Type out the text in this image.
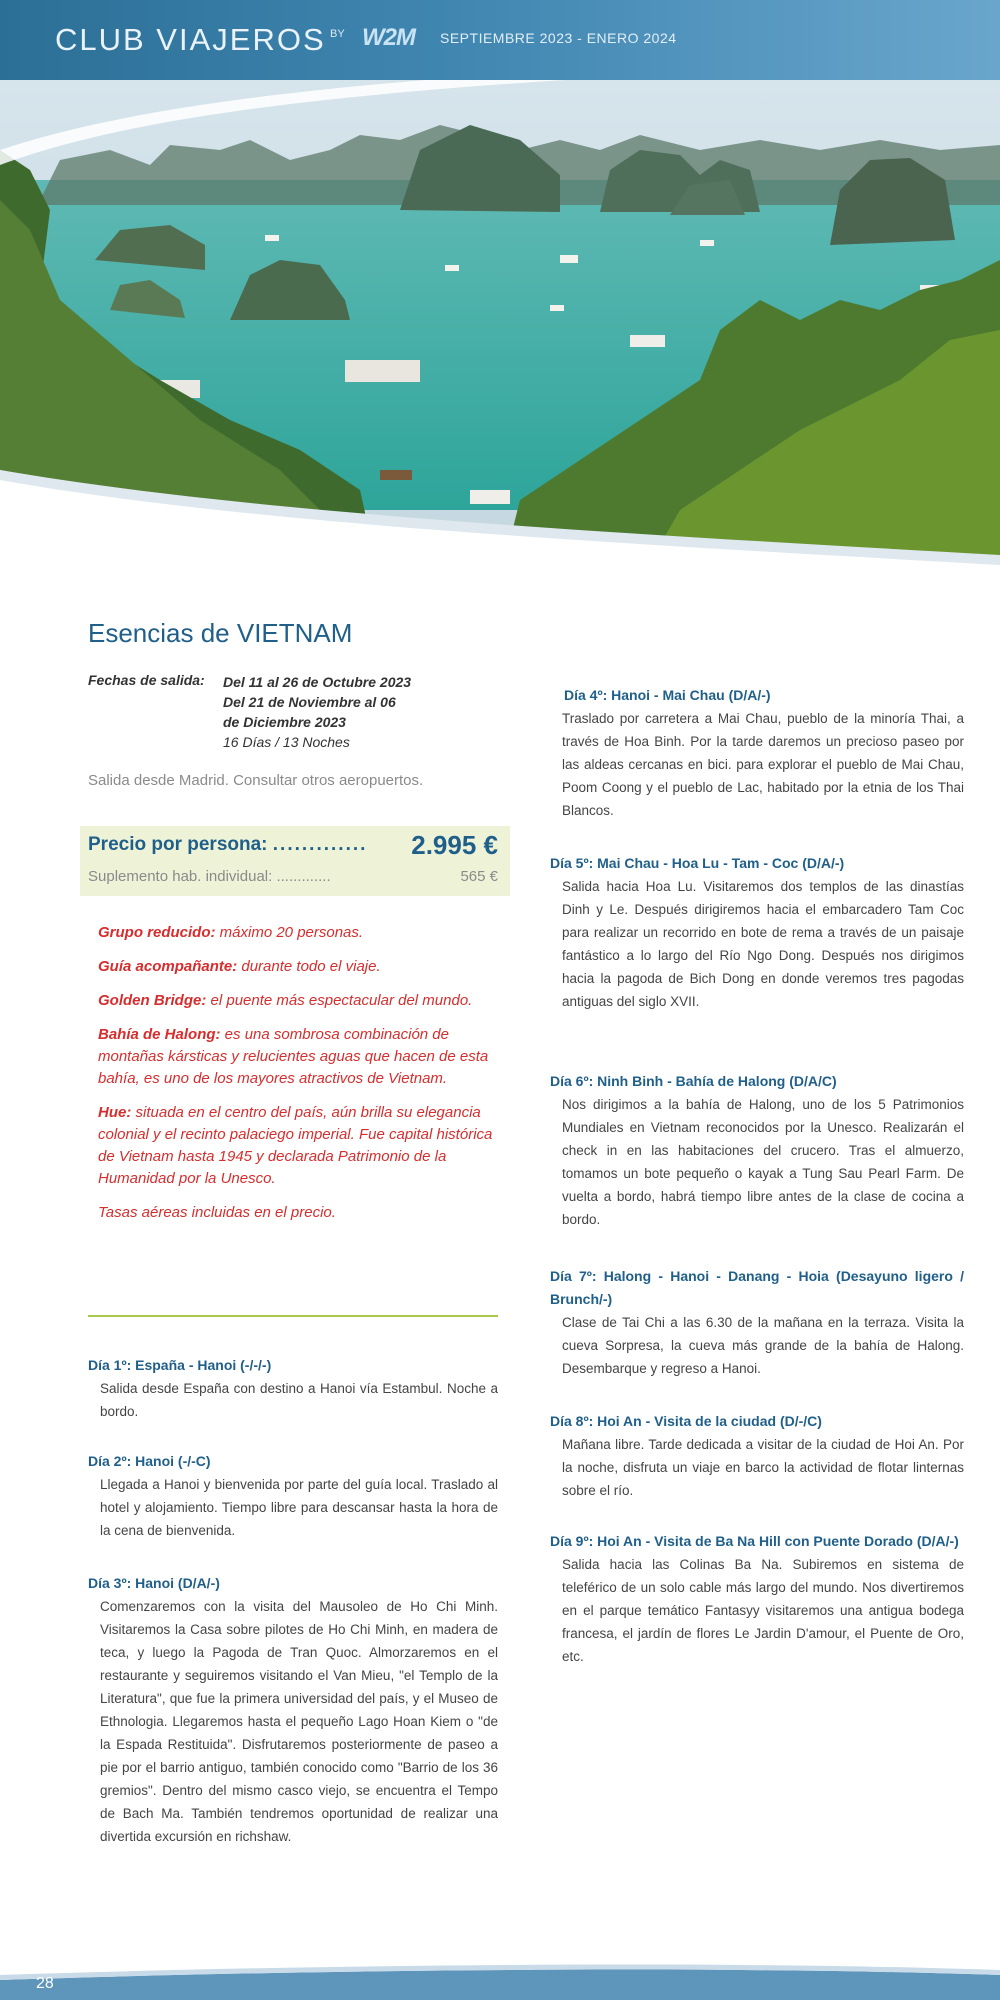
CLUB VIAJEROS BY W2M SEPTIEMBRE 2023 - ENERO 2024
Esencias de VIETNAM
Fechas de salida: Del 11 al 26 de Octubre 2023
Del 21 de Noviembre al 06
de Diciembre 2023
16 Días / 13 Noches
Salida desde Madrid. Consultar otros aeropuertos.
Precio por persona: ............. 2.995 €
Suplemento hab. individual: .............	565 €

Grupo reducido: máximo 20 personas.

Guía acompañante: durante todo el viaje.

Golden Bridge: el puente más espectacular del mundo.

Bahía de Halong: es una sombrosa combinación de montañas kársticas y relucientes aguas que hacen de esta bahía, es uno de los mayores atractivos de Vietnam.

Hue: situada en el centro del país, aún brilla su elegancia colonial y el recinto palaciego imperial. Fue capital histórica de Vietnam hasta 1945 y declarada Patrimonio de la Humanidad por la Unesco.

Tasas aéreas incluidas en el precio.

Día 1º: España - Hanoi (-/-/-)
Salida desde España con destino a Hanoi vía Estambul. Noche a bordo.
Día 2º: Hanoi (-/-C)
Llegada a Hanoi y bienvenida por parte del guía local. Traslado al hotel y alojamiento. Tiempo libre para descansar hasta la hora de la cena de bienvenida.
Día 3º: Hanoi (D/A/-)
Comenzaremos con la visita del Mausoleo de Ho Chi Minh. Visitaremos la Casa sobre pilotes de Ho Chi Minh, en madera de teca, y luego la Pagoda de Tran Quoc. Almorzaremos en el restaurante y seguiremos visitando el Van Mieu, "el Templo de la Literatura", que fue la primera universidad del país, y el Museo de Ethnologia. Llegaremos hasta el pequeño Lago Hoan Kiem o "de la Espada Restituida". Disfrutaremos posteriormente de paseo a pie por el barrio antiguo, también conocido como "Barrio de los 36 gremios". Dentro del mismo casco viejo, se encuentra el Tempo de Bach Ma. También tendremos oportunidad de realizar una divertida excursión en richshaw.
Día 4º: Hanoi - Mai Chau (D/A/-)
Traslado por carretera a Mai Chau, pueblo de la minoría Thai, a través de Hoa Binh. Por la tarde daremos un precioso paseo por las aldeas cercanas en bici. para explorar el pueblo de Mai Chau, Poom Coong y el pueblo de Lac, habitado por la etnia de los Thai Blancos.
Día 5º: Mai Chau - Hoa Lu - Tam - Coc (D/A/-)
Salida hacia Hoa Lu. Visitaremos dos templos de las dinastías Dinh y Le. Después dirigiremos hacia el embarcadero Tam Coc para realizar un recorrido en bote de rema a través de un paisaje fantástico a lo largo del Río Ngo Dong. Después nos dirigimos hacia la pagoda de Bich Dong en donde veremos tres pagodas antiguas del siglo XVII.
Día 6º: Ninh Binh - Bahía de Halong (D/A/C)
Nos dirigimos a la bahía de Halong, uno de los 5 Patrimonios Mundiales en Vietnam reconocidos por la Unesco. Realizarán el check in en las habitaciones del crucero. Tras el almuerzo, tomamos un bote pequeño o kayak a Tung Sau Pearl Farm. De vuelta a bordo, habrá tiempo libre antes de la clase de cocina a bordo.
Día 7º: Halong - Hanoi - Danang - Hoia (Desayuno ligero / Brunch/-)
Clase de Tai Chi a las 6.30 de la mañana en la terraza. Visita la cueva Sorpresa, la cueva más grande de la bahía de Halong. Desembarque y regreso a Hanoi.
Día 8º: Hoi An - Visita de la ciudad (D/-/C)
Mañana libre. Tarde dedicada a visitar de la ciudad de Hoi An. Por la noche, disfruta un viaje en barco la actividad de flotar linternas sobre el río.
Día 9º: Hoi An - Visita de Ba Na Hill con Puente Dorado (D/A/-)
Salida hacia las Colinas Ba Na. Subiremos en sistema de teleférico de un solo cable más largo del mundo. Nos divertiremos en el parque temático Fantasyy visitaremos una antigua bodega francesa, el jardín de flores Le Jardin D'amour, el Puente de Oro, etc.
28
